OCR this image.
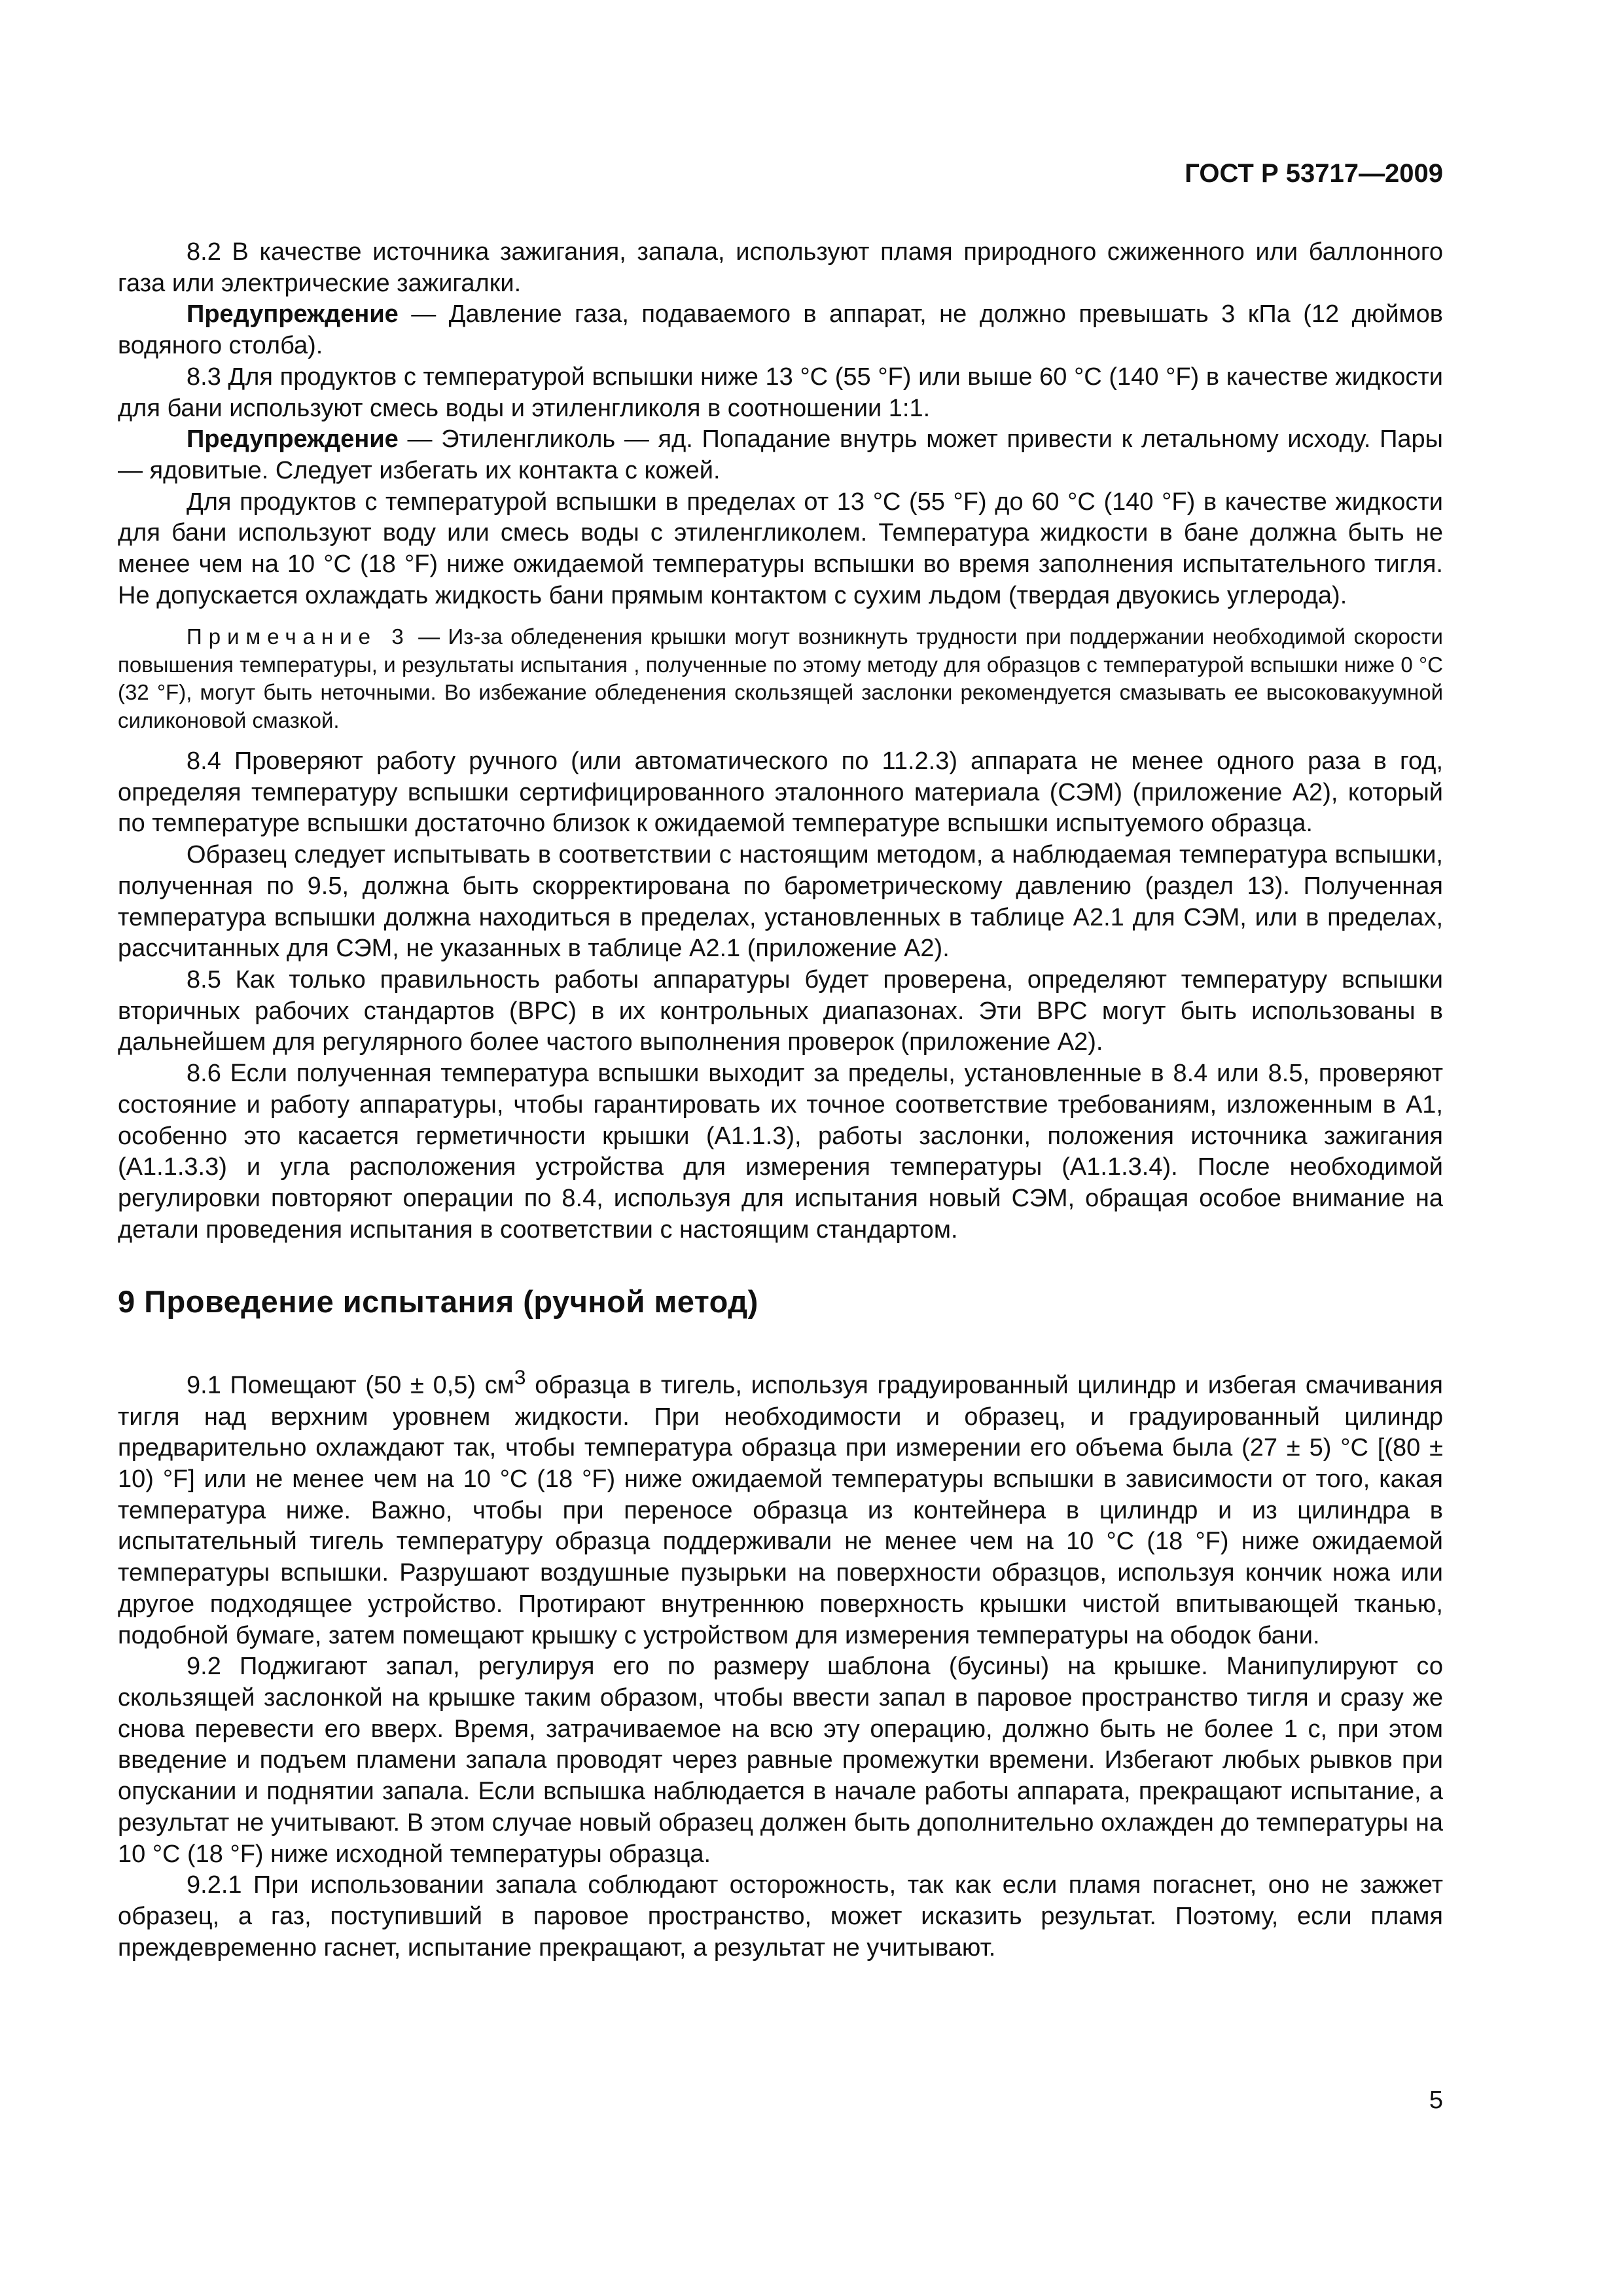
ГОСТ Р 53717—2009

8.2 В качестве источника зажигания, запала, используют пламя природного сжиженного или баллонного газа или электрические зажигалки.

Предупреждение — Давление газа, подаваемого в аппарат, не должно превышать 3 кПа (12 дюймов водяного столба).

8.3 Для продуктов с температурой вспышки ниже 13 °С (55 °F) или выше 60 °С (140 °F) в качестве жидкости для бани используют смесь воды и этиленгликоля в соотношении 1:1.

Предупреждение — Этиленгликоль — яд. Попадание внутрь может привести к летальному исходу. Пары — ядовитые. Следует избегать их контакта с кожей.

Для продуктов с температурой вспышки в пределах от 13 °С (55 °F) до 60 °С (140 °F) в качестве жидкости для бани используют воду или смесь воды с этиленгликолем. Температура жидкости в бане должна быть не менее чем на 10 °С (18 °F) ниже ожидаемой температуры вспышки во время заполнения испытательного тигля. Не допускается охлаждать жидкость бани прямым контактом с сухим льдом (твердая двуокись углерода).

Примечание 3 — Из-за обледенения крышки могут возникнуть трудности при поддержании необходимой скорости повышения температуры, и результаты испытания , полученные по этому методу для образцов с температурой вспышки ниже 0 °С (32 °F), могут быть неточными. Во избежание обледенения скользящей заслонки рекомендуется смазывать ее высоковакуумной силиконовой смазкой.

8.4 Проверяют работу ручного (или автоматического по 11.2.3) аппарата не менее одного раза в год, определяя температуру вспышки сертифицированного эталонного материала (СЭМ) (приложение А2), который по температуре вспышки достаточно близок к ожидаемой температуре вспышки испытуемого образца.

Образец следует испытывать в соответствии с настоящим методом, а наблюдаемая температура вспышки, полученная по 9.5, должна быть скорректирована по барометрическому давлению (раздел 13). Полученная температура вспышки должна находиться в пределах, установленных в таблице А2.1 для СЭМ, или в пределах, рассчитанных для СЭМ, не указанных в таблице А2.1 (приложение А2).

8.5 Как только правильность работы аппаратуры будет проверена, определяют температуру вспышки вторичных рабочих стандартов (ВРС) в их контрольных диапазонах. Эти ВРС могут быть использованы в дальнейшем для регулярного более частого выполнения проверок (приложение А2).

8.6 Если полученная температура вспышки выходит за пределы, установленные в 8.4 или 8.5, проверяют состояние и работу аппаратуры, чтобы гарантировать их точное соответствие требованиям, изложенным в А1, особенно это касается герметичности крышки (А1.1.3), работы заслонки, положения источника зажигания (А1.1.3.3) и угла расположения устройства для измерения температуры (А1.1.3.4). После необходимой регулировки повторяют операции по 8.4, используя для испытания новый СЭМ, обращая особое внимание на детали проведения испытания в соответствии с настоящим стандартом.

9 Проведение испытания (ручной метод)

9.1 Помещают (50 ± 0,5) $см^3$ образца в тигель, используя градуированный цилиндр и избегая смачивания тигля над верхним уровнем жидкости. При необходимости и образец, и градуированный цилиндр предварительно охлаждают так, чтобы температура образца при измерении его объема была (27 ± 5) °С [(80 ± 10) °F] или не менее чем на 10 °С (18 °F) ниже ожидаемой температуры вспышки в зависимости от того, какая температура ниже. Важно, чтобы при переносе образца из контейнера в цилиндр и из цилиндра в испытательный тигель температуру образца поддерживали не менее чем на 10 °С (18 °F) ниже ожидаемой температуры вспышки. Разрушают воздушные пузырьки на поверхности образцов, используя кончик ножа или другое подходящее устройство. Протирают внутреннюю поверхность крышки чистой впитывающей тканью, подобной бумаге, затем помещают крышку с устройством для измерения температуры на ободок бани.

9.2 Поджигают запал, регулируя его по размеру шаблона (бусины) на крышке. Манипулируют со скользящей заслонкой на крышке таким образом, чтобы ввести запал в паровое пространство тигля и сразу же снова перевести его вверх. Время, затрачиваемое на всю эту операцию, должно быть не более 1 с, при этом введение и подъем пламени запала проводят через равные промежутки времени. Избегают любых рывков при опускании и поднятии запала. Если вспышка наблюдается в начале работы аппарата, прекращают испытание, а результат не учитывают. В этом случае новый образец должен быть дополнительно охлажден до температуры на 10 °С (18 °F) ниже исходной температуры образца.

9.2.1 При использовании запала соблюдают осторожность, так как если пламя погаснет, оно не зажжет образец, а газ, поступивший в паровое пространство, может исказить результат. Поэтому, если пламя преждевременно гаснет, испытание прекращают, а результат не учитывают.

5
